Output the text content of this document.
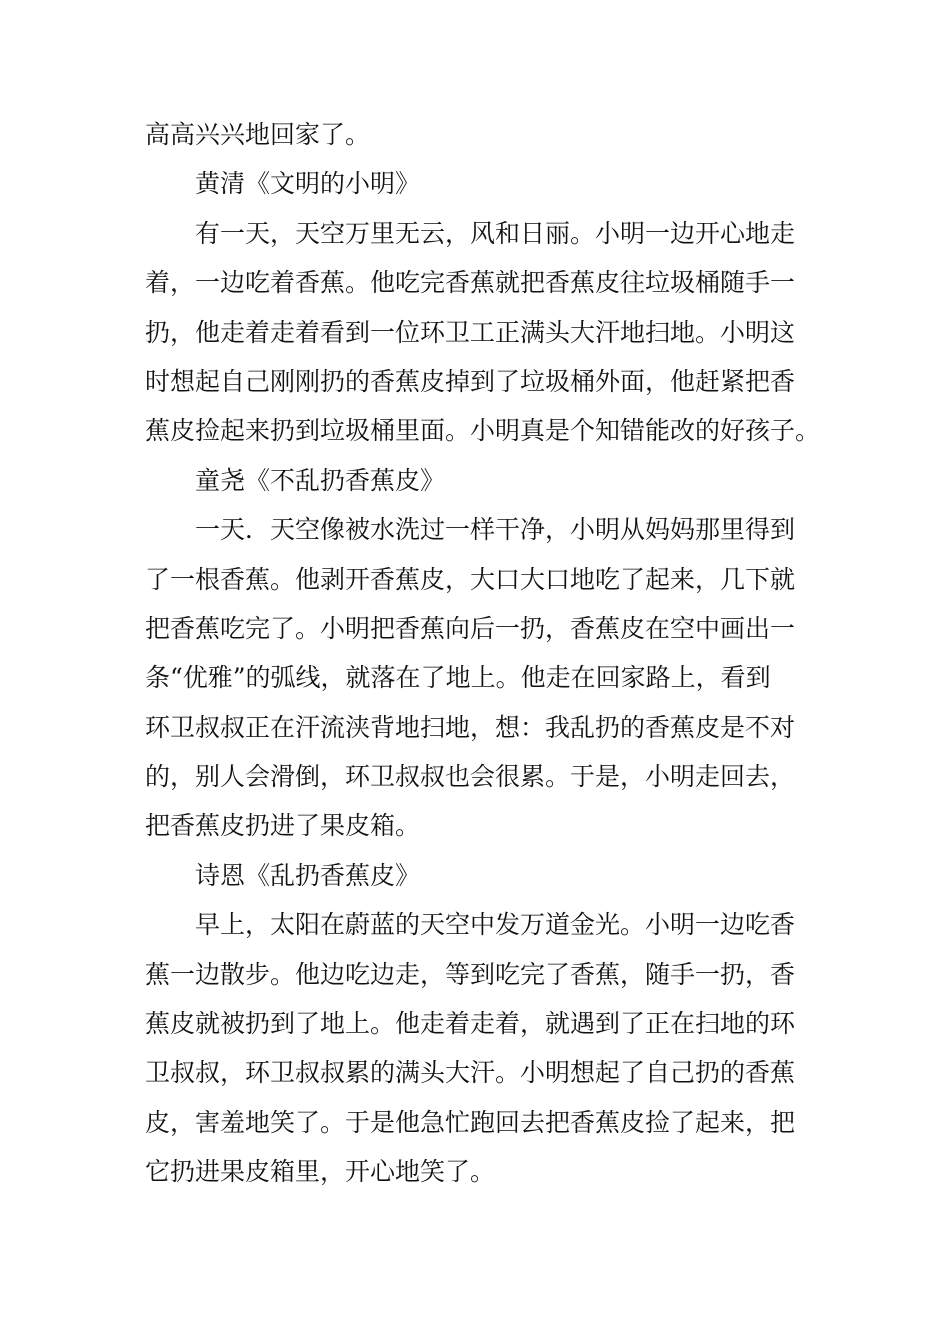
高高兴兴地回家了。
黄清《文明的小明》
有一天，天空万里无云，风和日丽。小明一边开心地走
着，一边吃着香蕉。他吃完香蕉就把香蕉皮往垃圾桶随手一
扔，他走着走着看到一位环卫工正满头大汗地扫地。小明这
时想起自己刚刚扔的香蕉皮掉到了垃圾桶外面，他赶紧把香
蕉皮捡起来扔到垃圾桶里面。小明真是个知错能改的好孩子。
童尧《不乱扔香蕉皮》
一天．天空像被水洗过一样干净，小明从妈妈那里得到
了一根香蕉。他剥开香蕉皮，大口大口地吃了起来，几下就
把香蕉吃完了。小明把香蕉向后一扔，香蕉皮在空中画出一
条“优雅”的弧线，就落在了地上。他走在回家路上，看到
环卫叔叔正在汗流浃背地扫地，想：我乱扔的香蕉皮是不对
的，别人会滑倒，环卫叔叔也会很累。于是，小明走回去，
把香蕉皮扔进了果皮箱。
诗恩《乱扔香蕉皮》
早上，太阳在蔚蓝的天空中发万道金光。小明一边吃香
蕉一边散步。他边吃边走，等到吃完了香蕉，随手一扔，香
蕉皮就被扔到了地上。他走着走着，就遇到了正在扫地的环
卫叔叔，环卫叔叔累的满头大汗。小明想起了自己扔的香蕉
皮，害羞地笑了。于是他急忙跑回去把香蕉皮捡了起来，把
它扔进果皮箱里，开心地笑了。
